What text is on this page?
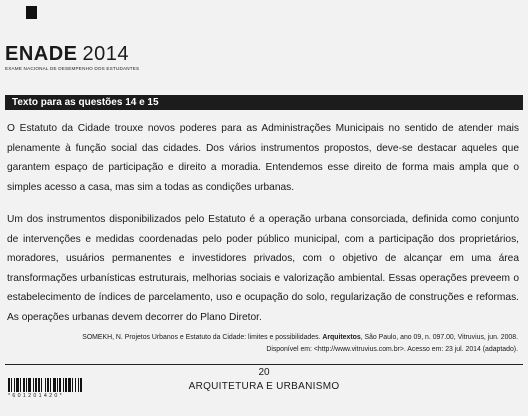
ENADE 2014
EXAME NACIONAL DE DESEMPENHO DOS ESTUDANTES
Texto para as questões 14 e 15

O Estatuto da Cidade trouxe novos poderes para as Administrações Municipais no sentido de atender mais plenamente à função social das cidades. Dos vários instrumentos propostos, deve-se destacar aqueles que garantem espaço de participação e direito a moradia. Entendemos esse direito de forma mais ampla que o simples acesso a casa, mas sim a todas as condições urbanas.

Um dos instrumentos disponibilizados pelo Estatuto é a operação urbana consorciada, definida como conjunto de intervenções e medidas coordenadas pelo poder público municipal, com a participação dos proprietários, moradores, usuários permanentes e investidores privados, com o objetivo de alcançar em uma área transformações urbanísticas estruturais, melhorias sociais e valorização ambiental. Essas operações preveem o estabelecimento de índices de parcelamento, uso e ocupação do solo, regularização de construções e reformas. As operações urbanas devem decorrer do Plano Diretor.

SOMEKH, N. Projetos Urbanos e Estatuto da Cidade: limites e possibilidades. Arquitextos, São Paulo, ano 09, n. 097.00, Vitruvius, jun. 2008.
Disponível em: <http://www.vitruvius.com.br>. Acesso em: 23 jul. 2014 (adaptado).
*601201420*
20
ARQUITETURA E URBANISMO
